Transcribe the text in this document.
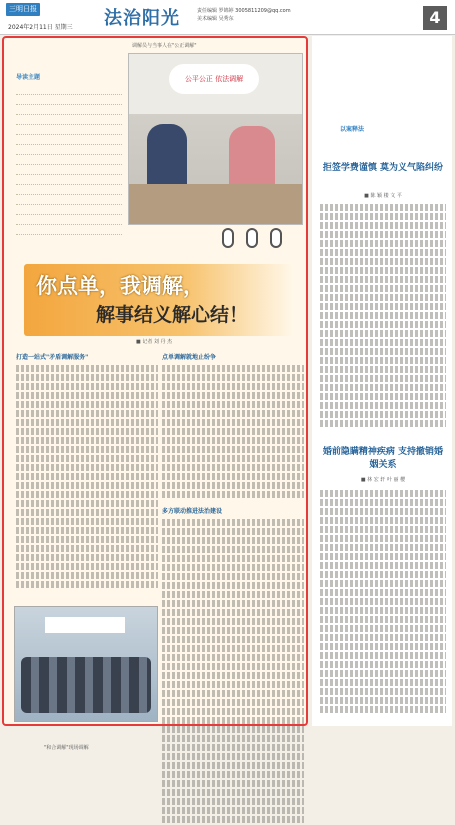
三明日报
2024年2月11日 星期三 法治阳光	责任编辑 罗锦婷 3005811209@qq.com
美术编辑 吴秀东	4
调解员与当事人在"公正调解"
导读主题	公平公正 依法调解
你点单，我调解，
解事结义解心结！
■ 记者 刘 丹 杰
打造一站式"矛盾调解服务"	点单调解就地止纷争
多方联动推进法治建设
"和合调解"现场调解
以案释法
拒签学费谨慎 莫为义气陷纠纷
■ 陈 颖 楼 文 平
婚前隐瞒精神疾病 支持撤销婚姻关系
■ 林 宏 轩 叶 丽 樱
